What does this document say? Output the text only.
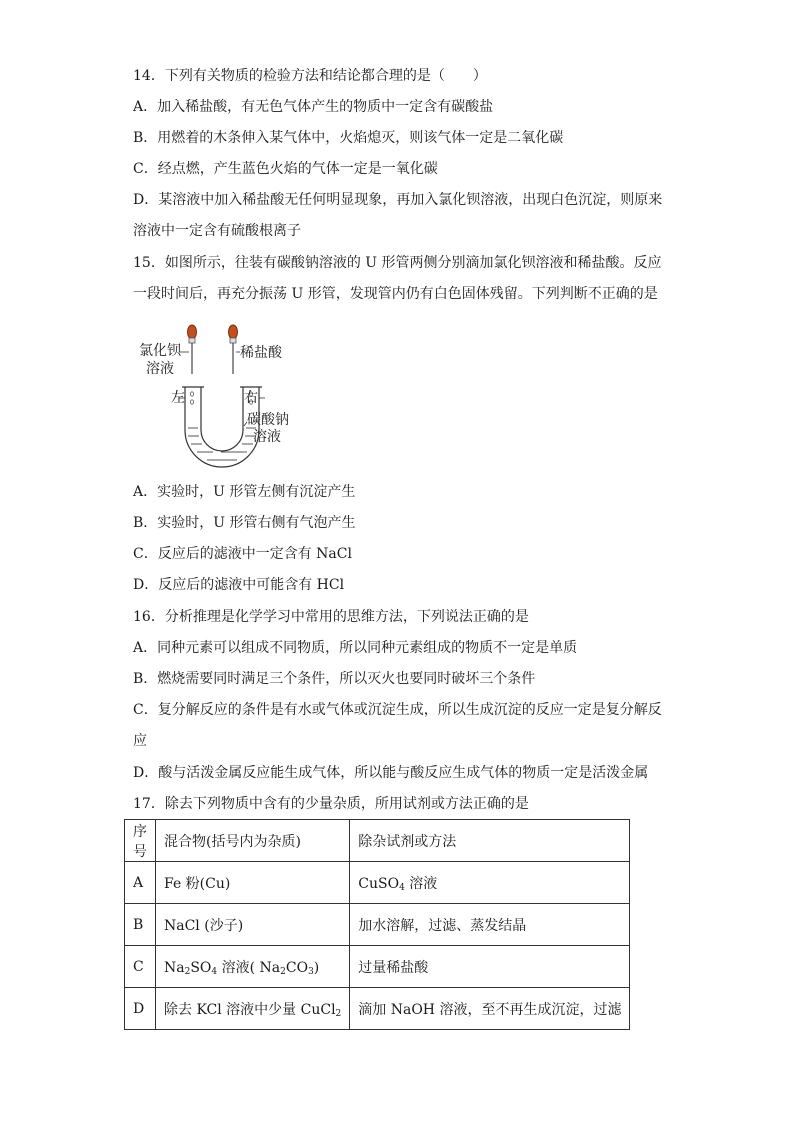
14．下列有关物质的检验方法和结论都合理的是（　　）
A．加入稀盐酸，有无色气体产生的物质中一定含有碳酸盐
B．用燃着的木条伸入某气体中，火焰熄灭，则该气体一定是二氧化碳
C．经点燃，产生蓝色火焰的气体一定是一氧化碳
D．某溶液中加入稀盐酸无任何明显现象，再加入氯化钡溶液，出现白色沉淀，则原来
溶液中一定含有硫酸根离子
15．如图所示，往装有碳酸钠溶液的 U 形管两侧分别滴加氯化钡溶液和稀盐酸。反应
一段时间后，再充分振荡 U 形管，发现管内仍有白色固体残留。下列判断不正确的是
氯化钡
溶液
稀盐酸
左	右
碳酸钠
溶液
A．实验时，U 形管左侧有沉淀产生
B．实验时，U 形管右侧有气泡产生
C．反应后的滤液中一定含有 NaCl
D．反应后的滤液中可能含有 HCl
16．分析推理是化学学习中常用的思维方法，下列说法正确的是
A．同种元素可以组成不同物质，所以同种元素组成的物质不一定是单质
B．燃烧需要同时满足三个条件，所以灭火也要同时破坏三个条件
C．复分解反应的条件是有水或气体或沉淀生成，所以生成沉淀的反应一定是复分解反
应
D．酸与活泼金属反应能生成气体，所以能与酸反应生成气体的物质一定是活泼金属
17．除去下列物质中含有的少量杂质，所用试剂或方法正确的是
序号	混合物(括号内为杂质)	除杂试剂或方法
A	Fe 粉(Cu)	CuSO$_4$ 溶液
B	NaCl (沙子)	加水溶解，过滤、蒸发结晶
C	$Na_2SO_4$ 溶液( $Na_2CO_3$)	过量稀盐酸
D	除去 KCl 溶液中少量 CuCl$_2$	滴加 NaOH 溶液，至不再生成沉淀，过滤
